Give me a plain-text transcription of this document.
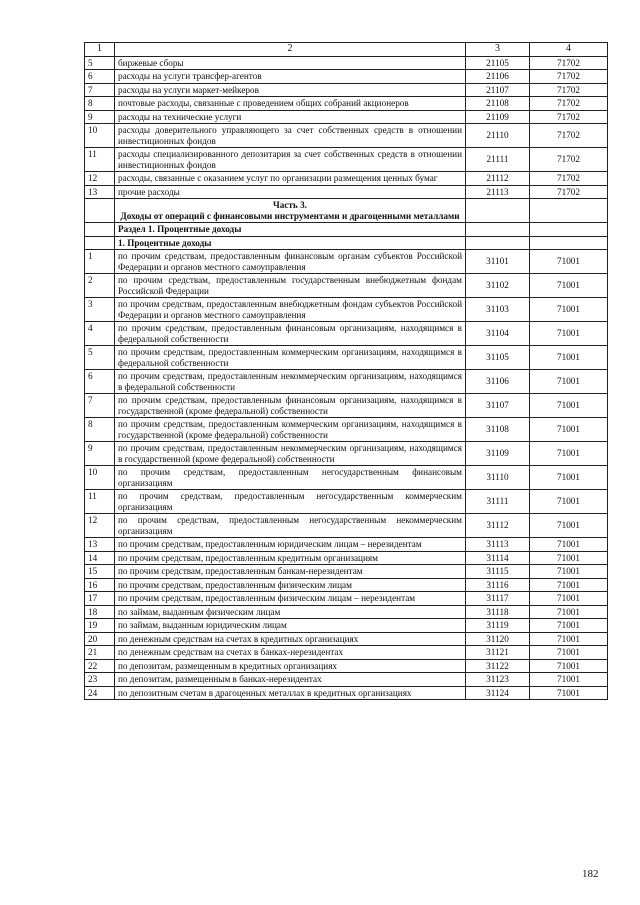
1	2	3	4
5	биржевые сборы	21105	71702
6	расходы на услуги трансфер-агентов	21106	71702
7	расходы на услуги маркет-мейкеров	21107	71702
8	почтовые расходы, связанные с проведением общих собраний акционеров	21108	71702
9	расходы на технические услуги	21109	71702
10	расходы доверительного управляющего за счет собственных средств в отношении инвестиционных фондов	21110	71702
11	расходы специализированного депозитария за счет собственных средств в отношении инвестиционных фондов	21111	71702
12	расходы, связанные с оказанием услуг по организации размещения ценных бумаг	21112	71702
13	прочие расходы	21113	71702
	Часть 3.
Доходы от операций с финансовыми инструментами и драгоценными металлами		
	Раздел 1. Процентные доходы		
	1. Процентные доходы		
1	по прочим средствам, предоставленным финансовым органам субъектов Российской Федерации и органов местного самоуправления	31101	71001
2	по прочим средствам, предоставленным государственным внебюджетным фондам Российской Федерации	31102	71001
3	по прочим средствам, предоставленным внебюджетным фондам субъектов Российской Федерации и органов местного самоуправления	31103	71001
4	по прочим средствам, предоставленным финансовым организациям, находящимся в федеральной собственности	31104	71001
5	по прочим средствам, предоставленным коммерческим организациям, находящимся в федеральной собственности	31105	71001
6	по прочим средствам, предоставленным некоммерческим организациям, находящимся в федеральной собственности	31106	71001
7	по прочим средствам, предоставленным финансовым организациям, находящимся в государственной (кроме федеральной) собственности	31107	71001
8	по прочим средствам, предоставленным коммерческим организациям, находящимся в государственной (кроме федеральной) собственности	31108	71001
9	по прочим средствам, предоставленным некоммерческим организациям, находящимся в государственной (кроме федеральной) собственности	31109	71001
10	по прочим средствам, предоставленным негосударственным финансовым организациям	31110	71001
11	по прочим средствам, предоставленным негосударственным коммерческим организациям	31111	71001
12	по прочим средствам, предоставленным негосударственным некоммерческим организациям	31112	71001
13	по прочим средствам, предоставленным юридическим лицам – нерезидентам	31113	71001
14	по прочим средствам, предоставленным кредитным организациям	31114	71001
15	по прочим средствам, предоставленным банкам-нерезидентам	31115	71001
16	по прочим средствам, предоставленным физическим лицам	31116	71001
17	по прочим средствам, предоставленным физическим лицам – нерезидентам	31117	71001
18	по займам, выданным физическим лицам	31118	71001
19	по займам, выданным юридическим лицам	31119	71001
20	по денежным средствам на счетах в кредитных организациях	31120	71001
21	по денежным средствам на счетах в банках-нерезидентах	31121	71001
22	по депозитам, размещенным в кредитных организациях	31122	71001
23	по депозитам, размещенным в банках-нерезидентах	31123	71001
24	по депозитным счетам в драгоценных металлах в кредитных организациях	31124	71001
182
